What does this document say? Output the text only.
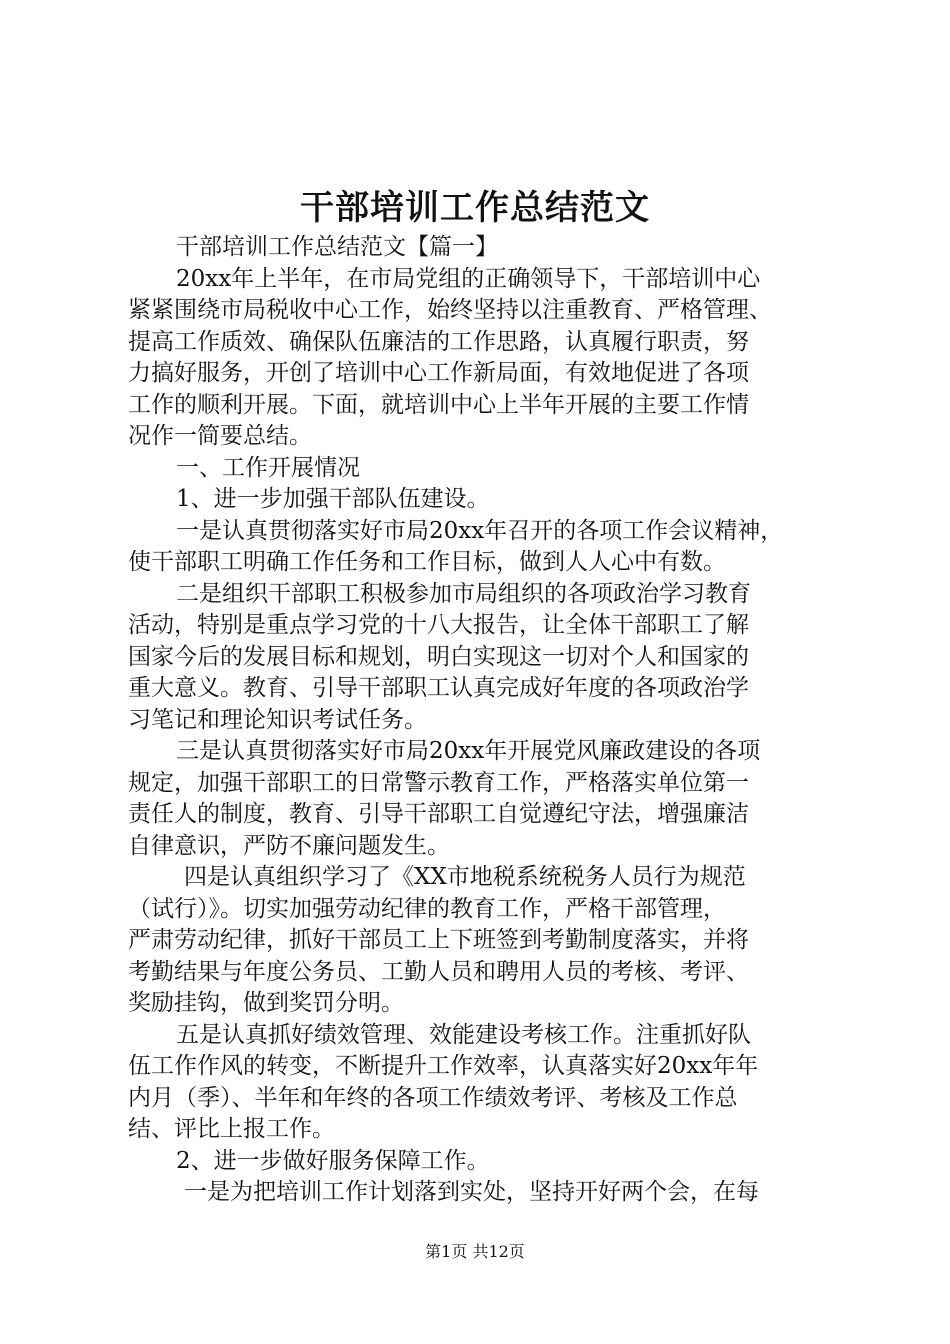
干部培训工作总结范文
干部培训工作总结范文【篇一】
20xx年上半年，在市局党组的正确领导下，干部培训中心
紧紧围绕市局税收中心工作，始终坚持以注重教育、严格管理、
提高工作质效、确保队伍廉洁的工作思路，认真履行职责，努
力搞好服务，开创了培训中心工作新局面，有效地促进了各项
工作的顺利开展。下面，就培训中心上半年开展的主要工作情
况作一简要总结。
一、工作开展情况
1、进一步加强干部队伍建设。
一是认真贯彻落实好市局20xx年召开的各项工作会议精神，
使干部职工明确工作任务和工作目标，做到人人心中有数。
二是组织干部职工积极参加市局组织的各项政治学习教育
活动，特别是重点学习党的十八大报告，让全体干部职工了解
国家今后的发展目标和规划，明白实现这一切对个人和国家的
重大意义。教育、引导干部职工认真完成好年度的各项政治学
习笔记和理论知识考试任务。
三是认真贯彻落实好市局20xx年开展党风廉政建设的各项
规定，加强干部职工的日常警示教育工作，严格落实单位第一
责任人的制度，教育、引导干部职工自觉遵纪守法，增强廉洁
自律意识，严防不廉问题发生。
四是认真组织学习了《XX市地税系统税务人员行为规范
（试行）》。切实加强劳动纪律的教育工作，严格干部管理，
严肃劳动纪律，抓好干部员工上下班签到考勤制度落实，并将
考勤结果与年度公务员、工勤人员和聘用人员的考核、考评、
奖励挂钩，做到奖罚分明。
五是认真抓好绩效管理、效能建设考核工作。注重抓好队
伍工作作风的转变，不断提升工作效率，认真落实好20xx年年
内月（季）、半年和年终的各项工作绩效考评、考核及工作总
结、评比上报工作。
2、进一步做好服务保障工作。
一是为把培训工作计划落到实处，坚持开好两个会，在每
第1页 共12页
